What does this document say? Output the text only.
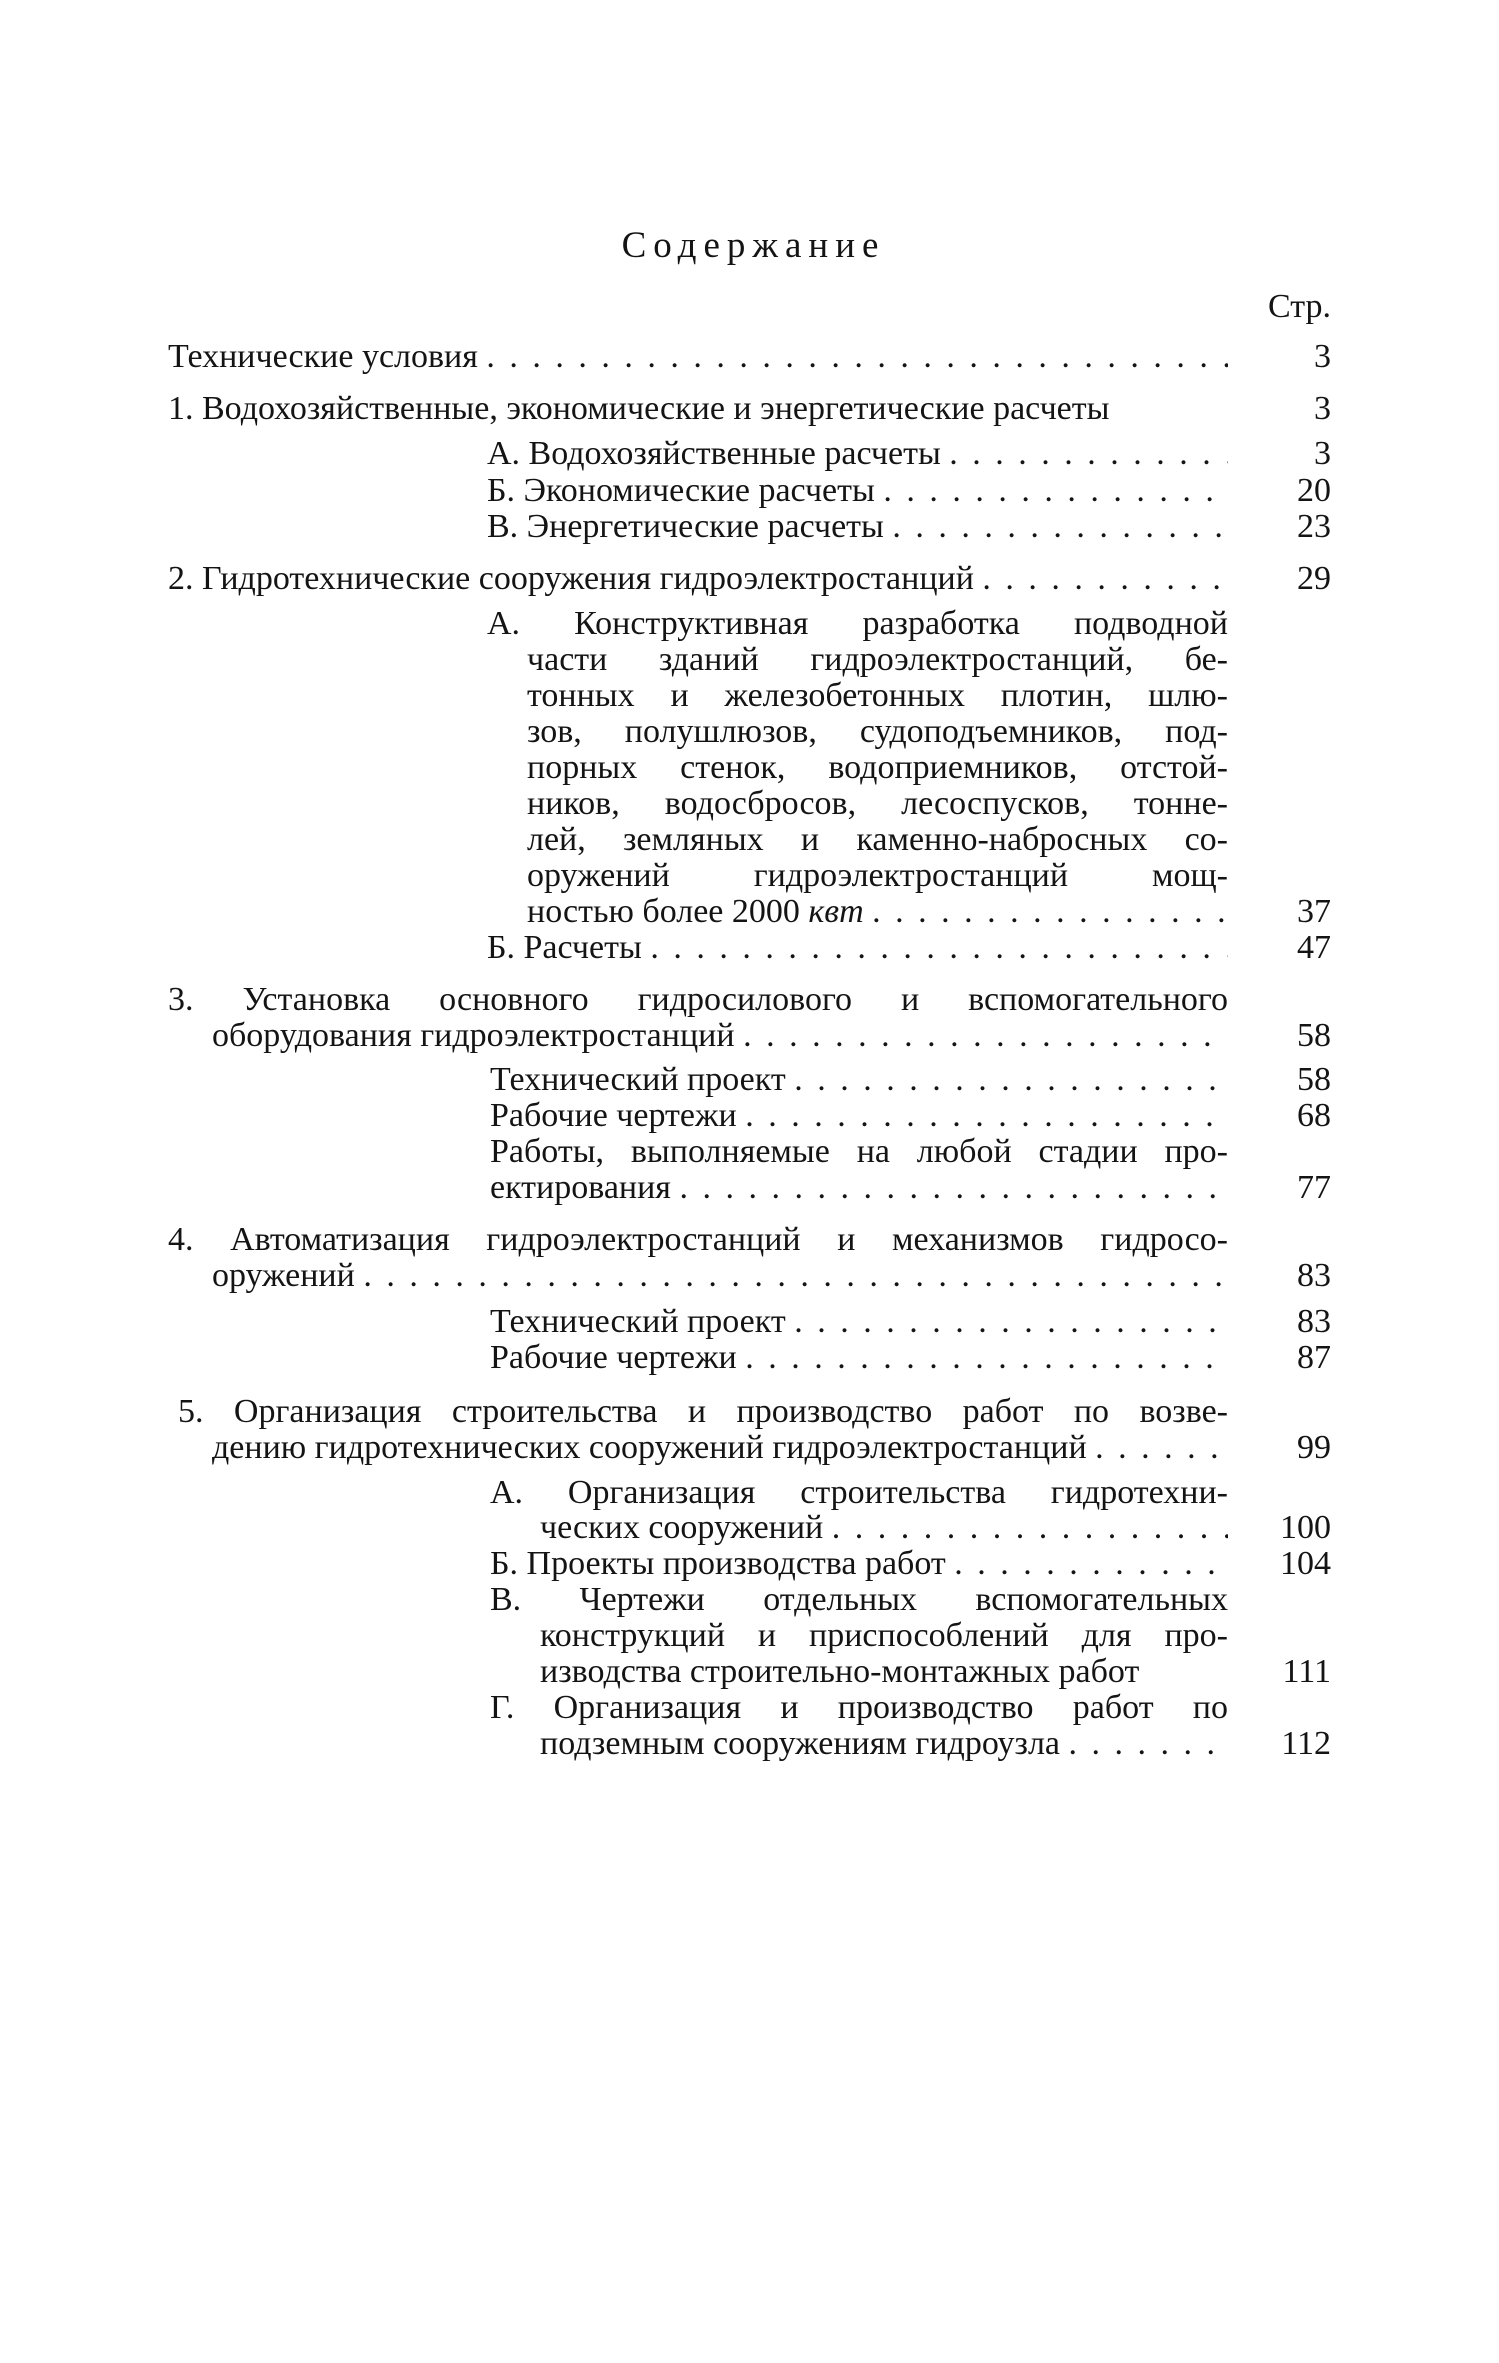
Содержание
Стр.
Технические условия . . .	3
1. Водохозяйственные, экономические и энергетические расчеты	3
А. Водохозяйственные расчеты . . .	3
Б. Экономические расчеты . . .	20
В. Энергетические расчеты . . .	23
2. Гидротехнические сооружения гидроэлектростанций . . .	29
А. Конструктивная разработка подводной
части зданий гидроэлектростанций, бе-
тонных и железобетонных плотин, шлю-
зов, полушлюзов, судоподъемников, под-
порных стенок, водоприемников, отстой-
ников, водосбросов, лесоспусков, тонне-
лей, земляных и каменно-набросных со-
оружений гидроэлектростанций мощ-
ностью более 2000 квт . . .	37
Б. Расчеты . . .	47
3. Установка основного гидросилового и вспомогательного
оборудования гидроэлектростанций . . .	58
Технический проект . . .	58
Рабочие чертежи . . .	68
Работы, выполняемые на любой стадии про-
ектирования . . .	77
4. Автоматизация гидроэлектростанций и механизмов гидросо-
оружений . . .	83
Технический проект . . .	83
Рабочие чертежи . . .	87
5. Организация строительства и производство работ по возве-
дению гидротехнических сооружений гидроэлектростанций . . .	99
А. Организация строительства гидротехни-
ческих сооружений . . .	100
Б. Проекты производства работ . . .	104
В. Чертежи отдельных вспомогательных
конструкций и приспособлений для про-
изводства строительно-монтажных работ	111
Г. Организация и производство работ по
подземным сооружениям гидроузла . . .	112
